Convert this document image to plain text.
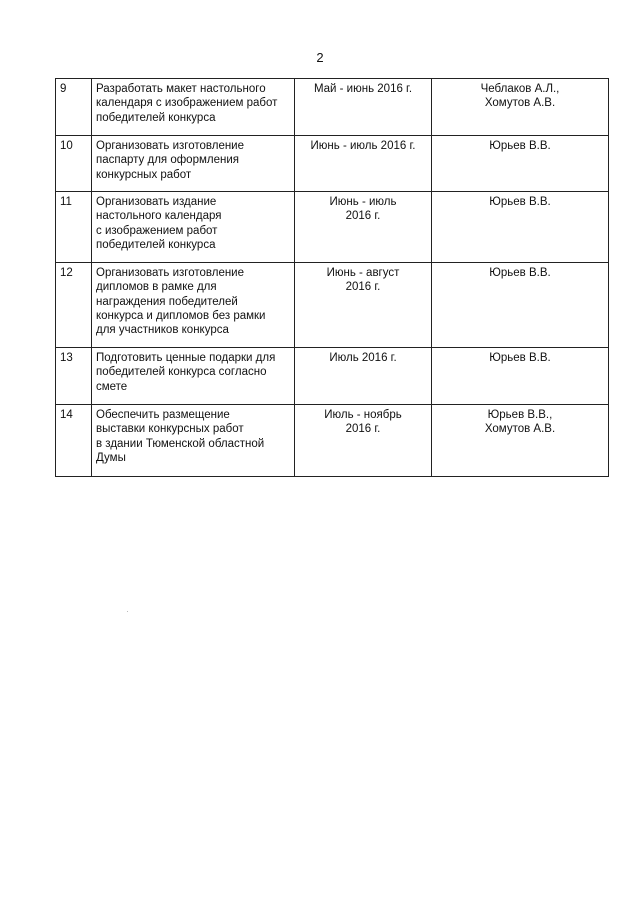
2
9	Разработать макет настольного
календаря с изображением работ
победителей конкурса	Май - июнь 2016 г.	Чеблаков А.Л.,
Хомутов А.В.
10	Организовать изготовление
паспарту для оформления
конкурсных работ	Июнь - июль 2016 г.	Юрьев В.В.
11	Организовать издание
настольного календаря
с изображением работ
победителей конкурса	Июнь - июль
2016 г.	Юрьев В.В.
12	Организовать изготовление
дипломов в рамке для
награждения победителей
конкурса и дипломов без рамки
для участников конкурса	Июнь - август
2016 г.	Юрьев В.В.
13	Подготовить ценные подарки для
победителей конкурса согласно
смете	Июль 2016 г.	Юрьев В.В.
14	Обеспечить размещение
выставки конкурсных работ
в здании Тюменской областной
Думы	Июль - ноябрь
2016 г.	Юрьев В.В.,
Хомутов А.В.
